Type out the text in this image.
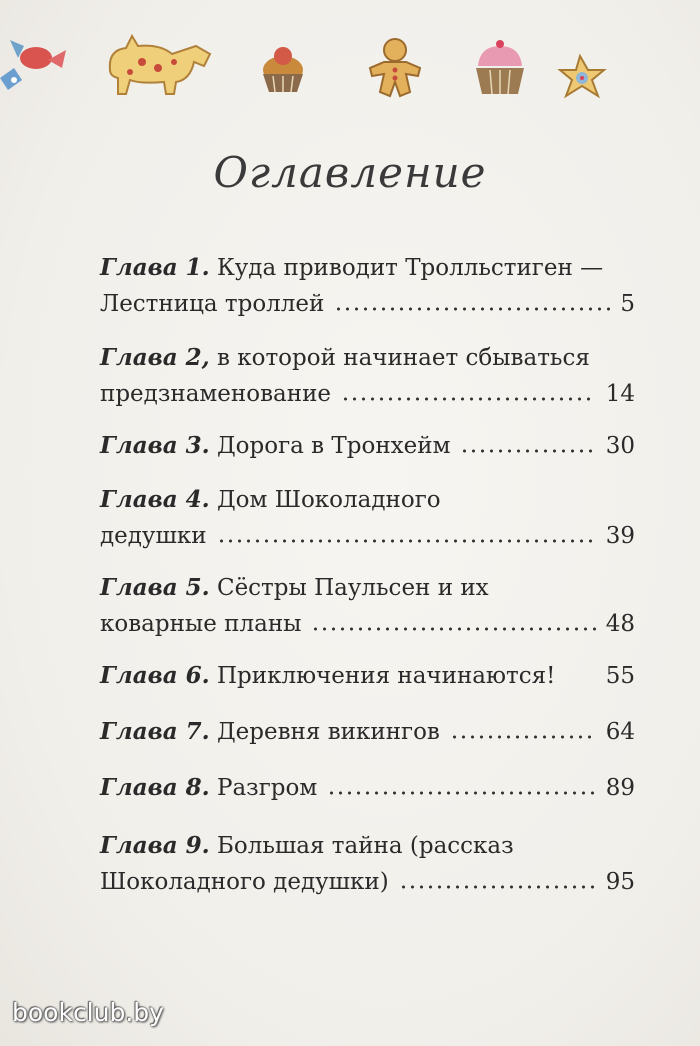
Оглавление
Глава 1. Куда приводит Тролльстиген —
Лестница троллей	5
Глава 2, в которой начинает сбываться
предзнаменование	14
Глава 3. Дорога в Тронхейм	30
Глава 4. Дом Шоколадного
дедушки	39
Глава 5. Сёстры Паульсен и их
коварные планы	48
Глава 6. Приключения начинаются! 55
Глава 7. Деревня викингов	64
Глава 8. Разгром	89
Глава 9. Большая тайна (рассказ
Шоколадного дедушки)	95
bookclub.by
